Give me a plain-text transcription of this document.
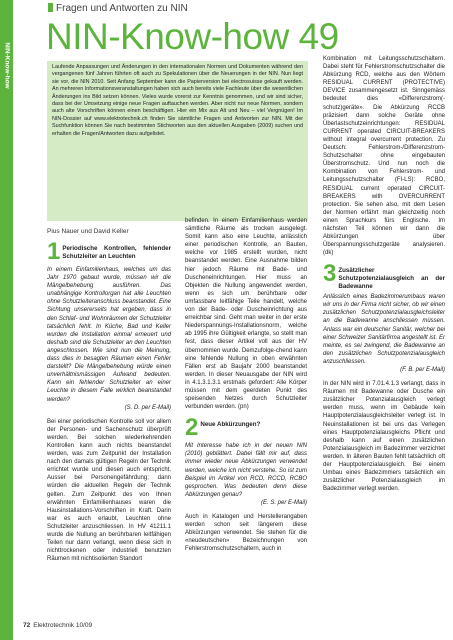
NIN-Know-how
Fragen und Antworten zu NIN
NIN-Know-how 49
Laufende Anpassungen und Änderungen in den internationalen Normen und Dokumenten während den vergangenen fünf Jahren führten oft auch zu Spekulationen über die Neuerungen in der NIN. Nun liegt sie vor, die NIN 2010. Seit Anfang September kann die Papierversion bei electrosuisse gekauft werden. An mehreren Informationsveranstaltungen haben sich auch bereits viele Fachleute über die wesentlichen Änderungen ins Bild setzen können. Vieles wurde vorerst zur Kenntnis genommen, und wir sind sicher, dass bei der Umsetzung einige neue Fragen auftauchen werden. Aber nicht nur neue Normen, sondern auch alte Vorschriften können einen beschäftigen. Hier ein Mix aus Alt und Neu – viel Vergnügen! Im NIN-Dossier auf www.elektrotechnik.ch finden Sie sämtliche Fragen und Antworten zur NIN. Mit der Suchfunktion können Sie nach bestimmten Stichworten aus den aktuellen Ausgaben (2009) suchen und erhalten die Fragen/Antworten dazu aufgelistet.
Pius Nauer und David Keller
1 Periodische Kontrollen, fehlender Schutzleiter an Leuchten

In einem Einfamilienhaus, welches um das Jahr 1970 gebaut wurde, müssen wir die Mängelbehebung ausführen. Das unabhängige Kontrollorgan hat alle Leuchten ohne Schutzleiteranschluss beanstandet. Eine Sichtung unsererseits hat ergeben, dass in den Schlaf- und Wohnräumen der Schutzleiter tatsächlich fehlt. In Küche, Bad und Keller wurden die Installation einmal erneuert und deshalb sind die Schutzleiter an den Leuchten angeschlossen. Wie sind nun die Meinung, dass dies in besagten Räumen einen Fehler darstellt? Die Mängelbehebung würde einen unverhältnismässigen Aufwand bedeuten. Kann ein fehlender Schutzleiter an einer Leuchte in diesem Falle wirklich beanstandet werden?

(S. D. per E-Mail)

Bei einer periodischen Kontrolle soll vor allem der Personen- und Sachenschutz überprüft werden. Bei solchen wiederkehrenden Kontrollen kann auch nichts beanstandet werden, was zum Zeitpunkt der Installation nach den damals gültigen Regeln der Technik errichtet wurde und diesen auch entspricht. Ausser bei Personengefährdung; dann würden die aktuellen Regeln der Technik gelten. Zum Zeitpunkt des von Ihnen erwähnten Einfamilienhauses waren die Hausinstallations-Vorschriften in Kraft. Darin war es auch erlaubt, Leuchten ohne Schutzleiter anzuschliessen. In HV 41211.1 wurde die Nullung an berührbaren leitfähigen Teilen nur dann verlangt, wenn diese sich in nichttrockenen oder industriell benutzten Räumen mit nichtisolierten Standort

befinden. In einem Einfamilienhaus werden sämtliche Räume als trocken ausgelegt. Somit kann also eine Leuchte, anlässlich einer periodischen Kontrolle, an Bauten, welche vor 1985 erstellt wurden, nicht beanstandet werden. Eine Ausnahme bilden hier jedoch Räume mit Bade- und Duscheneinrichtungen. Hier muss an Objekten die Nullung angewendet werden, wenn es sich um berührbare oder umfassbare leitfähige Teile handelt, welche von der Bade- oder Duscheinrichtung aus erreichbar sind. Geht man weiter in der erste Niederspannungs-Installationsnorm, welche ab 1995 ihre Gültigkeit erlangte, so stellt man fest, dass dieser Artikel voll aus der HV übernommen wurde. Demzufolge-chend kann eine fehlende Nullung in oben erwähnten Fällen erst ab Baujahr 2000 beanstandet werden. In dieser Neuausgabe der NIN wird in 4.1.3.1.3.1 erstmals gefordert: Alle Körper müssen mit dem geerdeten Punkt des speisenden Netzes durch Schutzleiter verbunden werden. (pn)

2 Neue Abkürzungen?

Mit Interesse habe ich in der neuen NIN (2010) geblättert. Dabei fällt mir auf, dass immer wieder neue Abkürzungen verwendet werden, welche ich nicht verstehe. So ist zum Beispiel im Artikel von RCD, RCCD, RCBO gesprochen. Was bedeuten denn diese Abkürzungen genau?

(E. S. per E-Mail)

Auch in Katalogen und Herstellerangaben werden schon seit längerem diese Abkürzungen verwendet. Sie stehen für die «neudeutschen» Bezeichnungen von Fehlerstromschutzschaltern, auch in

Kombination mit Leitungsschutzschaltern. Dabei steht für Fehlerstromschutzschalter die Abkürzung RCD, welche aus den Wörtern RESIDUAL CURRENT (PROTECTIVE) DEVICE zusammengesetzt ist. Sinngemäss bedeutet dies «Differenzstrom(-schutz)geräte». Die Abkürzung RCCB präzisiert dann solche Geräte ohne Überlastschutzeinrichtungen: RESIDUAL CURRENT operated CIRCUIT-BREAKERS without integral overcurrent protection. Zu Deutsch: Fehlerstrom-/Differenzstrom-Schutzschalter ohne eingebauten Überstromschutz. Und nun noch die Kombination von Fehlerstrom- und Leitungsschutzschalter (FI-LS): RCBO, RESIDUAL current operated CIRCUIT-BREAKERS with OVERCURRENT protection. Sie sehen also, mit dem Lesen der Normen erfährt man gleichzeitig noch einen Sprachkurs fürs Englische. Im nächsten Teil können wir dann die Abkürzungen über Überspannungsschutzgeräte analysieren. (dk)

3 Zusätzlicher Schutzpotenzialausgleich an der Badewanne

Anlässlich eines Badezimmerumbaus waren wir uns in der Firma nicht sicher, ob wir einen zusätzlichen Schutzpotenzialausgleichsleiter an die Badewanne anschliessen müssen. Anlass war ein deutscher Sanitär, welcher bei einer Schweizer Sanitärfirma angestellt ist. Er meinte, es sei zwingend, die Badewanne an den zusätzlichen Schutzpotenzialausgleich anzuschliessen.

(F. B. per E-Mail)

In der NIN wird in 7.01.4.1.3 verlangt, dass in Räumen mit Badewanne oder Dusche ein zusätzlicher Potenzialausgleich verlegt werden muss, wenn im Gebäude kein Hauptpotenzialausgleichsleiter verlegt ist. In Neuinstallationen ist bei uns das Verlegen eines Hauptpotenzialausgleichs Pflicht und deshalb kann auf einen zusätzlichen Potenzialausgleich im Badezimmer verzichtet werden. In älteren Bauten fehlt tatsächlich oft der Hauptpotenzialausgleich. Bei einem Umbau eines Badezimmers tatsächlich ein zusätzlicher Potenzialausgleich im Badezimmer verlegt werden.

72 Elektrotechnik 10/09
